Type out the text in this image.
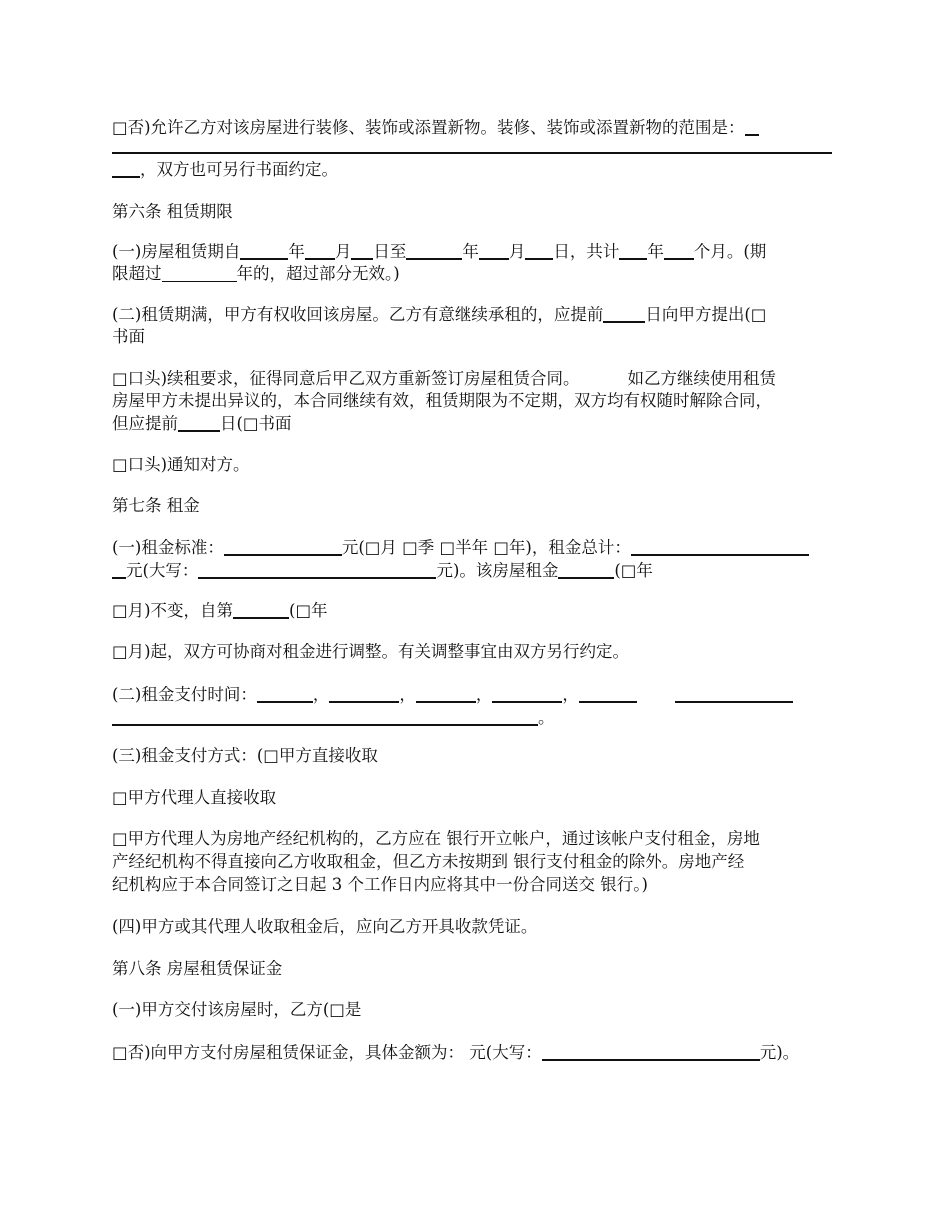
□否)允许乙方对该房屋进行装修、装饰或添置新物。装修、装饰或添置新物的范围是：
，双方也可另行书面约定。
第六条 租赁期限
(一)房屋租赁期自	年 月 日至	年 月 日，共计 年 个月。(期
限超过	年的，超过部分无效。)
(二)租赁期满，甲方有权收回该房屋。乙方有意继续承租的，应提前	日向甲方提出(□
书面
□口头)续租要求，征得同意后甲乙双方重新签订房屋租赁合同。	如乙方继续使用租赁
房屋甲方未提出异议的，本合同继续有效，租赁期限为不定期，双方均有权随时解除合同，
但应提前	日(□书面
□口头)通知对方。
第七条 租金
(一)租金标准：	元(□月 □季 □半年 □年)，租金总计：
元(大写：	元)。该房屋租金	(□年
□月)不变，自第	(□年
□月)起，双方可协商对租金进行调整。有关调整事宜由双方另行约定。
(二)租金支付时间：	，	，	，	，
。
(三)租金支付方式：(□甲方直接收取
□甲方代理人直接收取
□甲方代理人为房地产经纪机构的，乙方应在 银行开立帐户，通过该帐户支付租金，房地
产经纪机构不得直接向乙方收取租金，但乙方未按期到 银行支付租金的除外。房地产经
纪机构应于本合同签订之日起 3 个工作日内应将其中一份合同送交 银行。)
(四)甲方或其代理人收取租金后，应向乙方开具收款凭证。
第八条 房屋租赁保证金
(一)甲方交付该房屋时，乙方(□是
□否)向甲方支付房屋租赁保证金，具体金额为： 元(大写：	元)。
